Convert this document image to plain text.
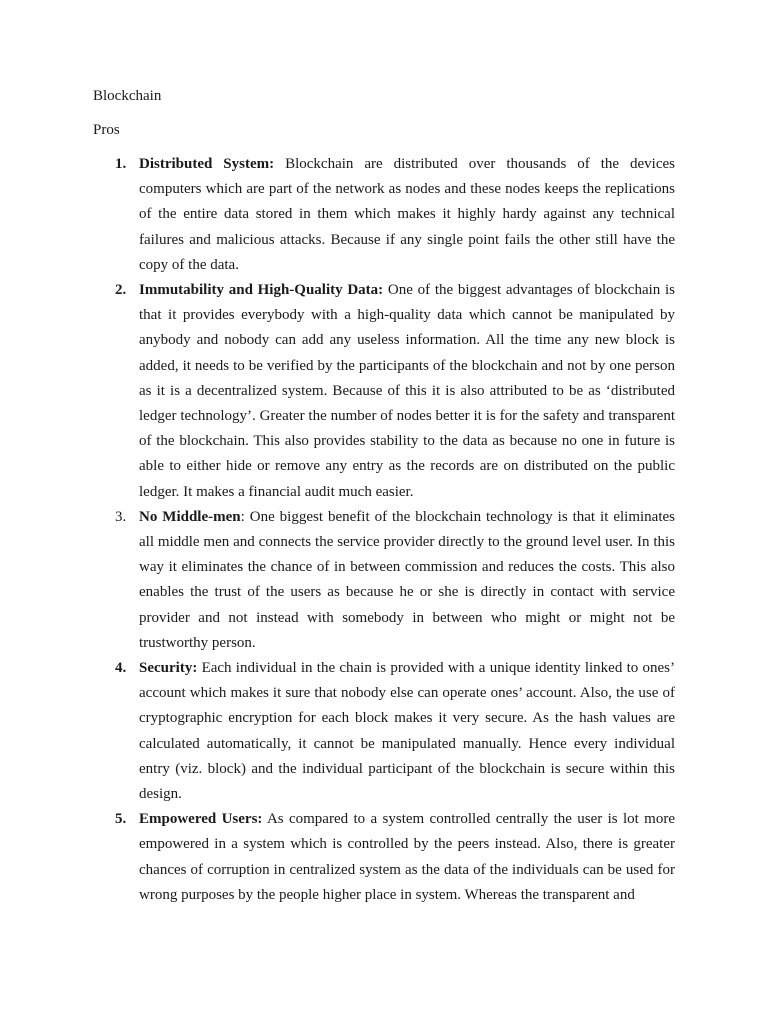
Blockchain
Pros
1. Distributed System: Blockchain are distributed over thousands of the devices computers which are part of the network as nodes and these nodes keeps the replications of the entire data stored in them which makes it highly hardy against any technical failures and malicious attacks. Because if any single point fails the other still have the copy of the data.
2. Immutability and High-Quality Data: One of the biggest advantages of blockchain is that it provides everybody with a high-quality data which cannot be manipulated by anybody and nobody can add any useless information. All the time any new block is added, it needs to be verified by the participants of the blockchain and not by one person as it is a decentralized system. Because of this it is also attributed to be as ‘distributed ledger technology’. Greater the number of nodes better it is for the safety and transparent of the blockchain. This also provides stability to the data as because no one in future is able to either hide or remove any entry as the records are on distributed on the public ledger. It makes a financial audit much easier.
3. No Middle-men: One biggest benefit of the blockchain technology is that it eliminates all middle men and connects the service provider directly to the ground level user. In this way it eliminates the chance of in between commission and reduces the costs. This also enables the trust of the users as because he or she is directly in contact with service provider and not instead with somebody in between who might or might not be trustworthy person.
4. Security: Each individual in the chain is provided with a unique identity linked to ones’ account which makes it sure that nobody else can operate ones’ account. Also, the use of cryptographic encryption for each block makes it very secure. As the hash values are calculated automatically, it cannot be manipulated manually. Hence every individual entry (viz. block) and the individual participant of the blockchain is secure within this design.
5. Empowered Users: As compared to a system controlled centrally the user is lot more empowered in a system which is controlled by the peers instead. Also, there is greater chances of corruption in centralized system as the data of the individuals can be used for wrong purposes by the people higher place in system. Whereas the transparent and
